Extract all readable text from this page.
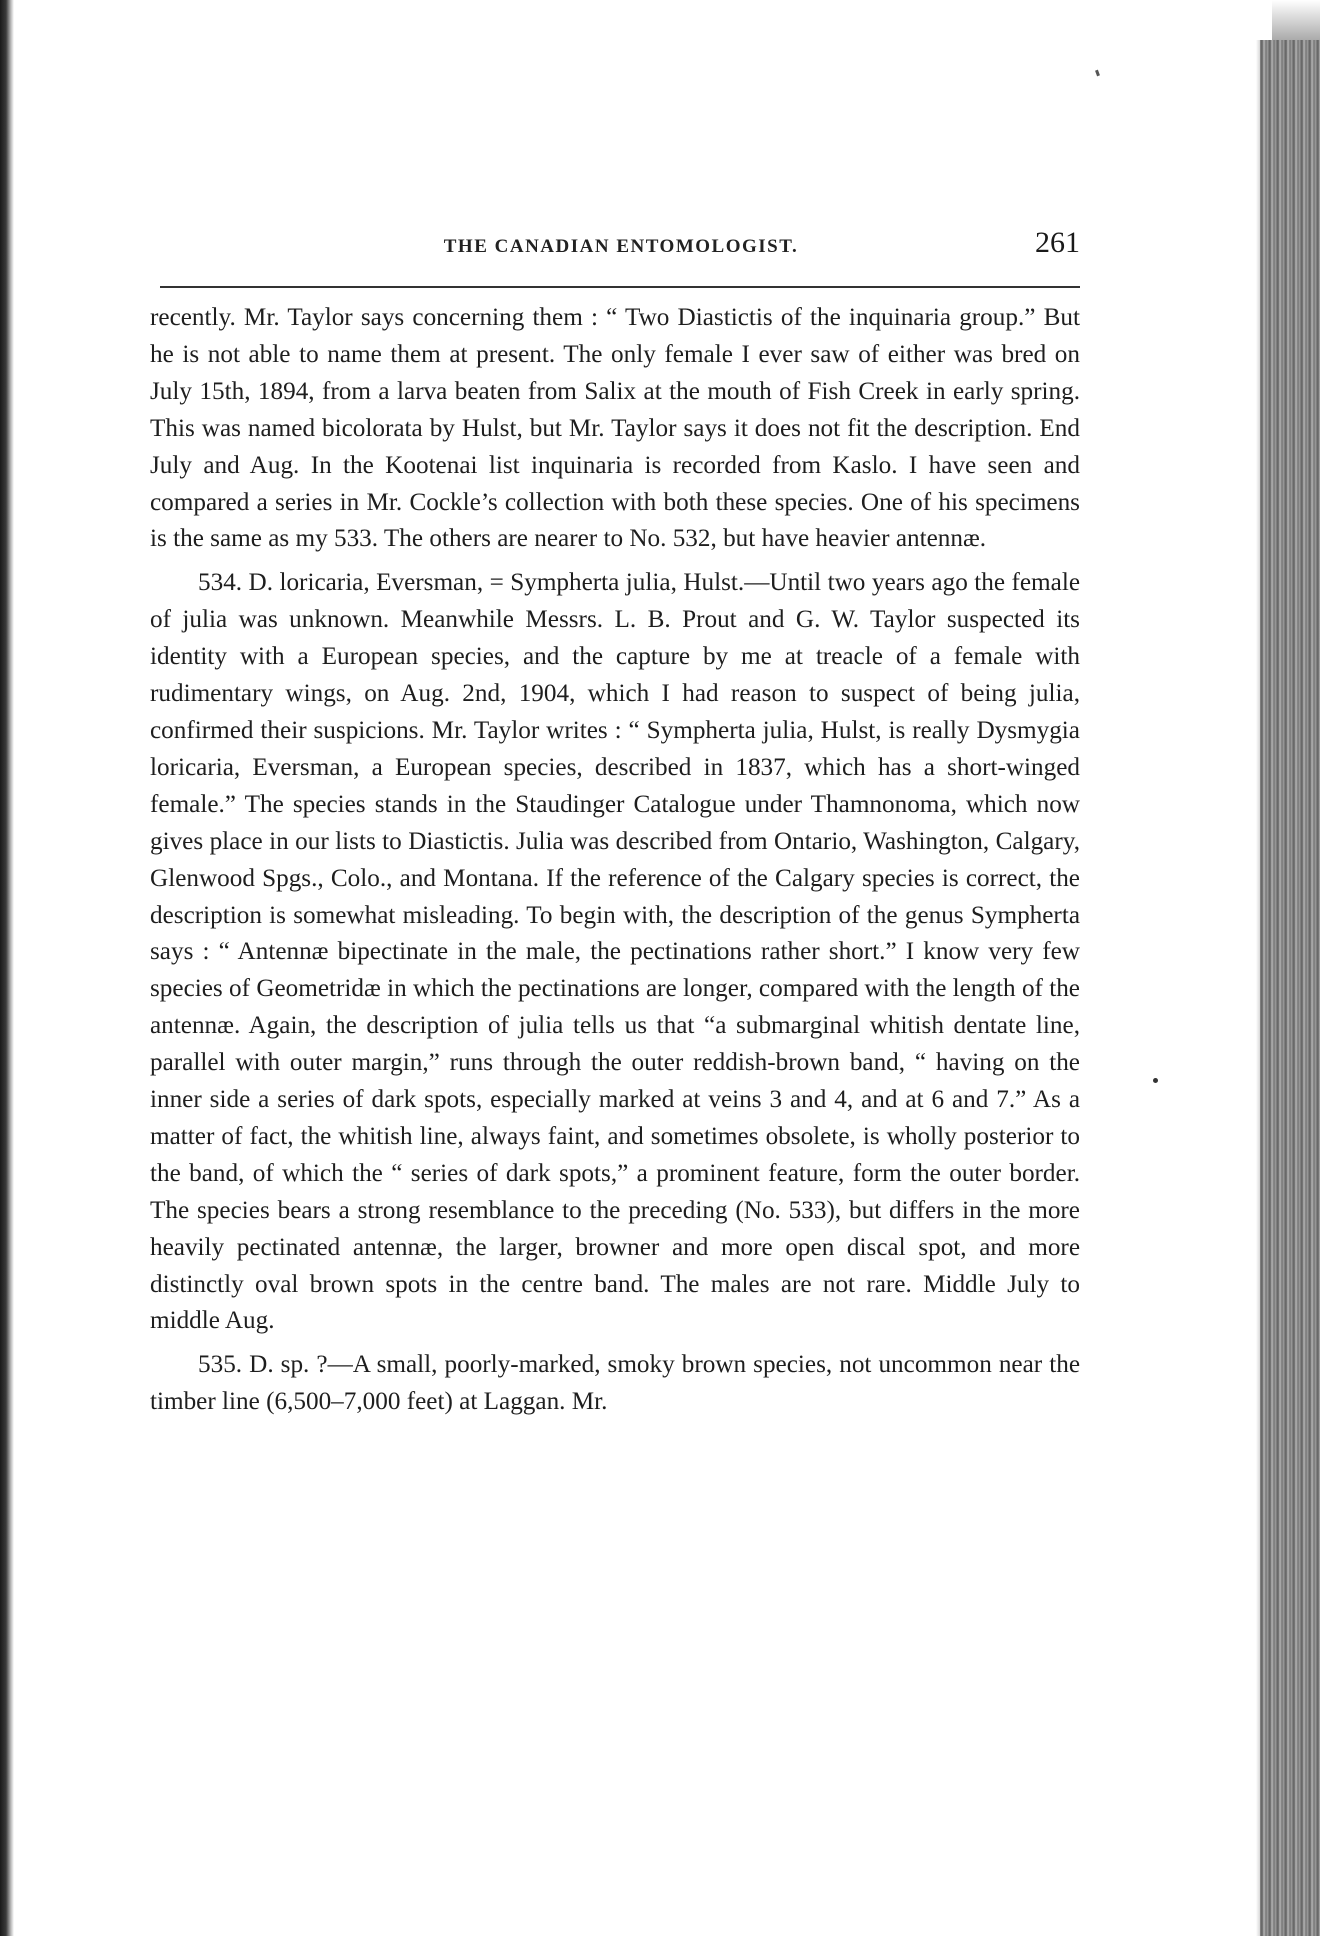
THE CANADIAN ENTOMOLOGIST.	261

recently. Mr. Taylor says concerning them : “ Two Diastictis of the inquinaria group.” But he is not able to name them at present. The only female I ever saw of either was bred on July 15th, 1894, from a larva beaten from Salix at the mouth of Fish Creek in early spring. This was named bicolorata by Hulst, but Mr. Taylor says it does not fit the description. End July and Aug. In the Kootenai list inquinaria is recorded from Kaslo. I have seen and compared a series in Mr. Cockle’s collection with both these species. One of his specimens is the same as my 533. The others are nearer to No. 532, but have heavier antennæ.

534. D. loricaria, Eversman, = Sympherta julia, Hulst.—Until two years ago the female of julia was unknown. Meanwhile Messrs. L. B. Prout and G. W. Taylor suspected its identity with a European species, and the capture by me at treacle of a female with rudimentary wings, on Aug. 2nd, 1904, which I had reason to suspect of being julia, confirmed their suspicions. Mr. Taylor writes : “ Sympherta julia, Hulst, is really Dysmygia loricaria, Eversman, a European species, described in 1837, which has a short-winged female.” The species stands in the Staudinger Catalogue under Thamnonoma, which now gives place in our lists to Diastictis. Julia was described from Ontario, Washington, Calgary, Glenwood Spgs., Colo., and Montana. If the reference of the Calgary species is correct, the description is somewhat misleading. To begin with, the description of the genus Sympherta says : “ Antennæ bipectinate in the male, the pectinations rather short.” I know very few species of Geometridæ in which the pectinations are longer, compared with the length of the antennæ. Again, the description of julia tells us that “a submarginal whitish dentate line, parallel with outer margin,” runs through the outer reddish-brown band, “ having on the inner side a series of dark spots, especially marked at veins 3 and 4, and at 6 and 7.” As a matter of fact, the whitish line, always faint, and sometimes obsolete, is wholly posterior to the band, of which the “ series of dark spots,” a prominent feature, form the outer border. The species bears a strong resemblance to the preceding (No. 533), but differs in the more heavily pectinated antennæ, the larger, browner and more open discal spot, and more distinctly oval brown spots in the centre band. The males are not rare. Middle July to middle Aug.

535. D. sp. ?—A small, poorly-marked, smoky brown species, not uncommon near the timber line (6,500–7,000 feet) at Laggan. Mr.
